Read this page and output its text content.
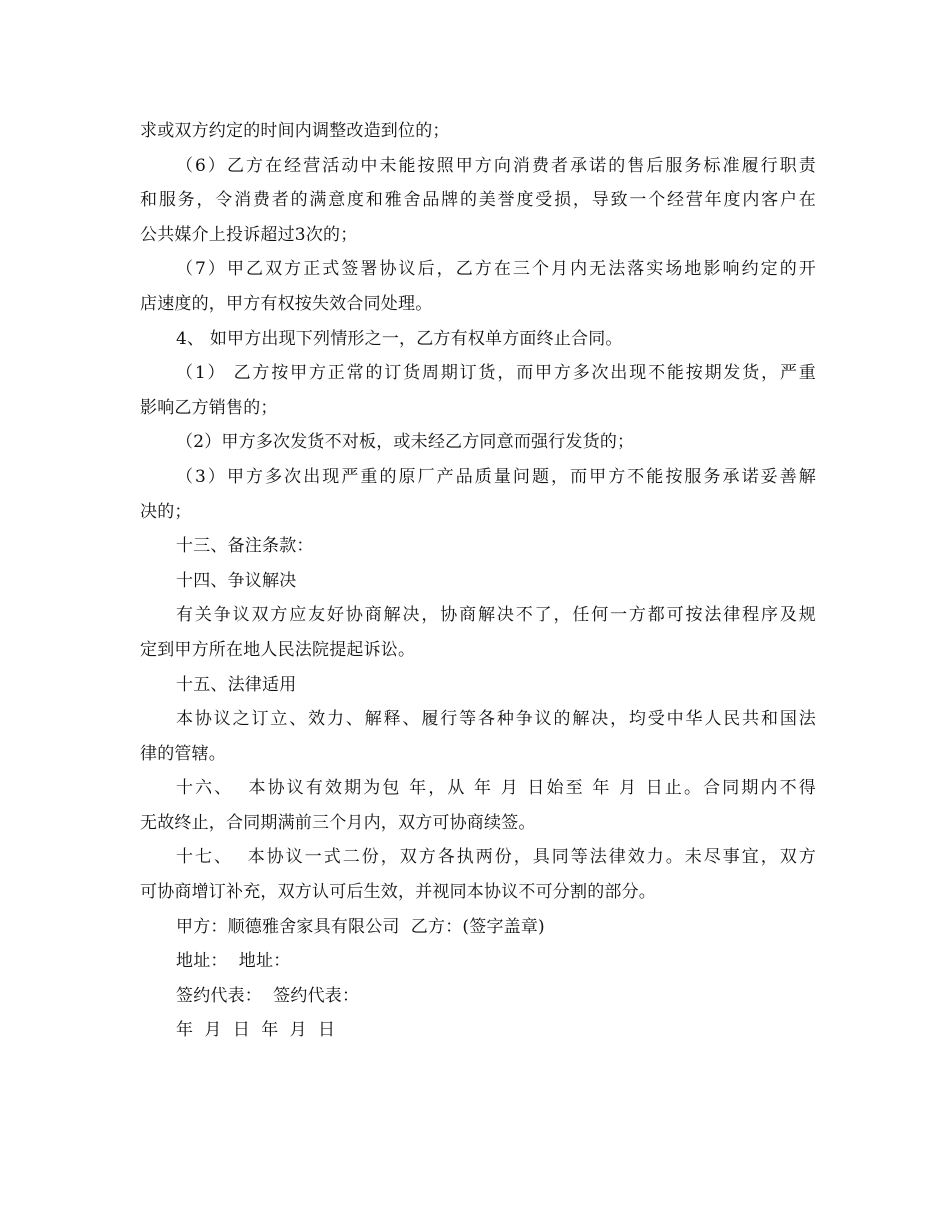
求或双方约定的时间内调整改造到位的；
（6）乙方在经营活动中未能按照甲方向消费者承诺的售后服务标准履行职责
和服务，令消费者的满意度和雅舍品牌的美誉度受损，导致一个经营年度内客户在
公共媒介上投诉超过3次的；
（7）甲乙双方正式签署协议后，乙方在三个月内无法落实场地影响约定的开
店速度的，甲方有权按失效合同处理。
4、 如甲方出现下列情形之一，乙方有权单方面终止合同。
（1） 乙方按甲方正常的订货周期订货，而甲方多次出现不能按期发货，严重
影响乙方销售的；
（2）甲方多次发货不对板，或未经乙方同意而强行发货的；
（3）甲方多次出现严重的原厂产品质量问题，而甲方不能按服务承诺妥善解
决的；
十三、备注条款：
十四、争议解决
有关争议双方应友好协商解决，协商解决不了，任何一方都可按法律程序及规
定到甲方所在地人民法院提起诉讼。
十五、法律适用
本协议之订立、效力、解释、履行等各种争议的解决，均受中华人民共和国法
律的管辖。
十六、  本协议有效期为包 年，从 年 月 日始至 年 月 日止。合同期内不得
无故终止，合同期满前三个月内，双方可协商续签。
十七、  本协议一式二份，双方各执两份，具同等法律效力。未尽事宜，双方
可协商增订补充，双方认可后生效，并视同本协议不可分割的部分。
甲方：顺德雅舍家具有限公司  乙方：(签字盖章)
地址：  地址：
签约代表：  签约代表：
年  月  日  年  月  日
